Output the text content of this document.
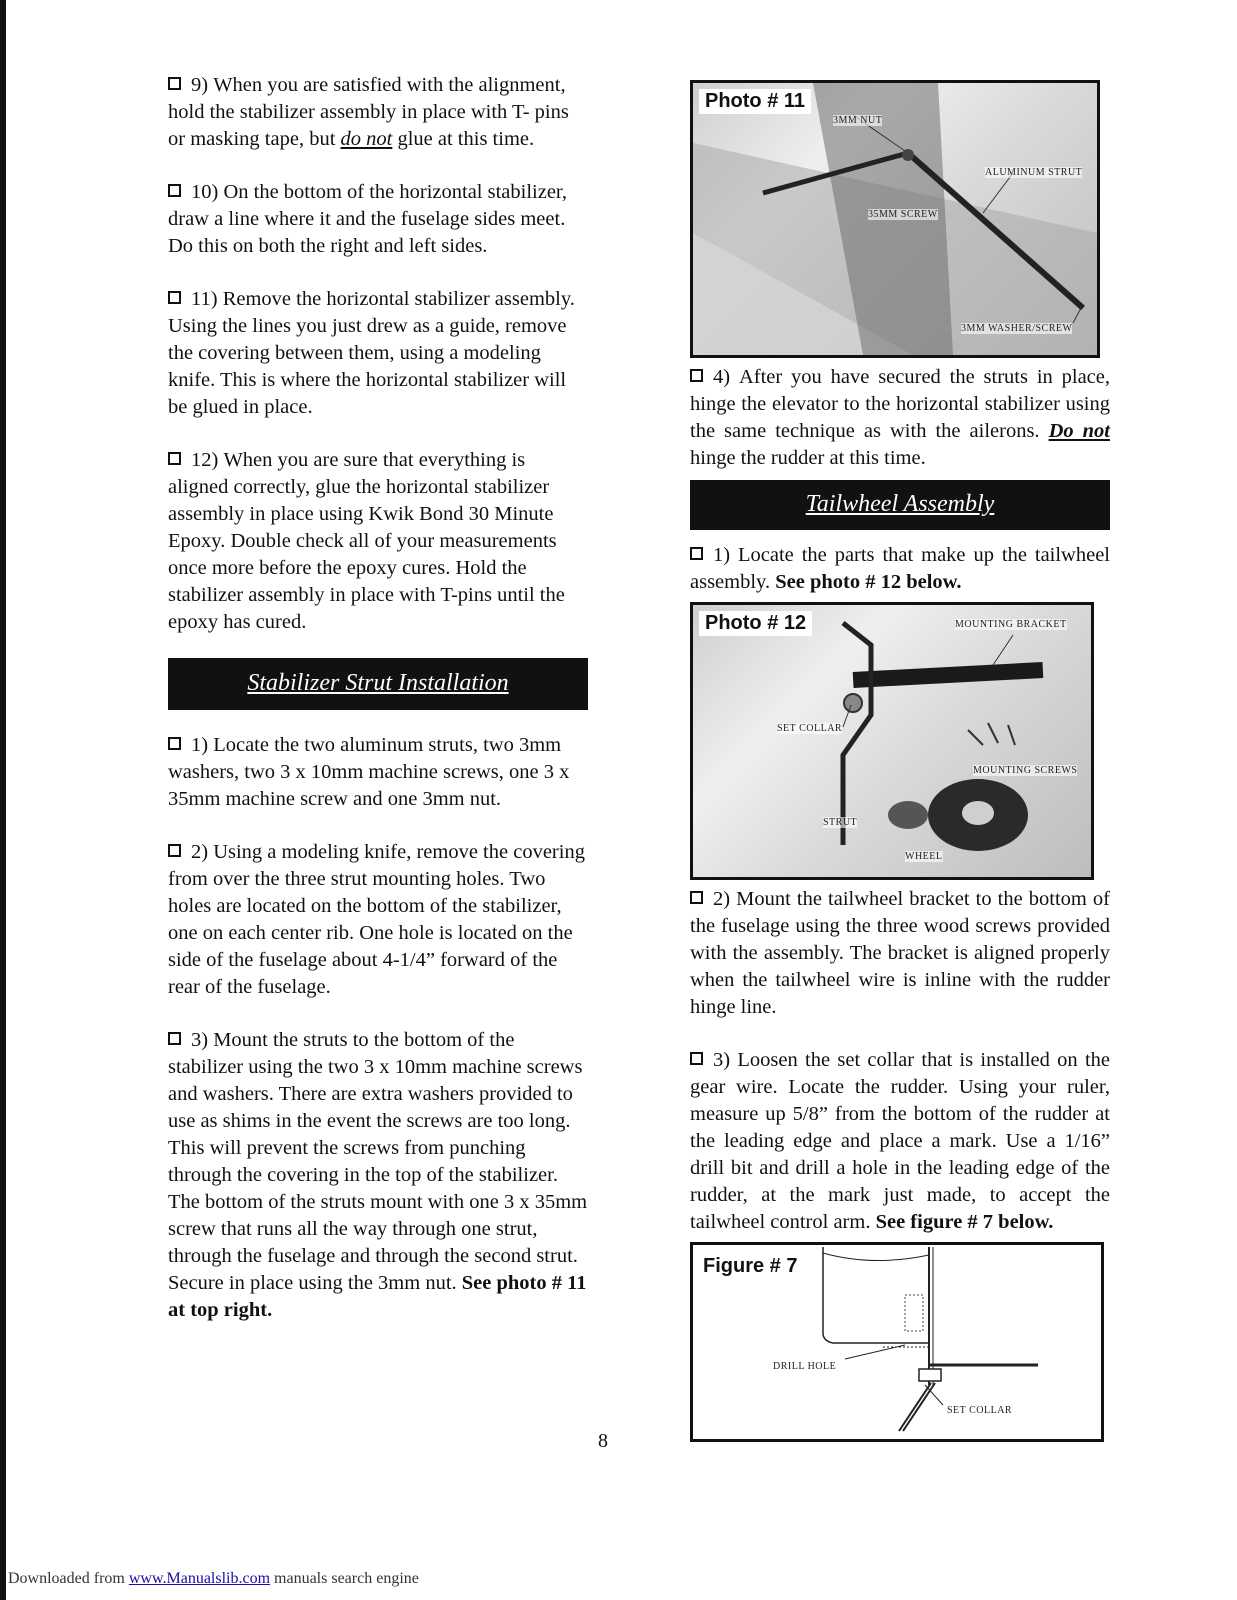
9) When you are satisfied with the alignment, hold the stabilizer assembly in place with T- pins or masking tape, but do not glue at this time.

10) On the bottom of the horizontal stabilizer, draw a line where it and the fuselage sides meet. Do this on both the right and left sides.

11) Remove the horizontal stabilizer assembly. Using the lines you just drew as a guide, remove the covering between them, using a modeling knife. This is where the horizontal stabilizer will be glued in place.

12) When you are sure that everything is aligned correctly, glue the horizontal stabilizer assembly in place using Kwik Bond 30 Minute Epoxy. Double check all of your measurements once more before the epoxy cures. Hold the stabilizer assembly in place with T-pins until the epoxy has cured.

Stabilizer Strut Installation

1) Locate the two aluminum struts, two 3mm washers, two 3 x 10mm machine screws, one 3 x 35mm machine screw and one 3mm nut.

2) Using a modeling knife, remove the covering from over the three strut mounting holes. Two holes are located on the bottom of the stabilizer, one on each center rib. One hole is located on the side of the fuselage about 4-1/4” forward of the rear of the fuselage.

3) Mount the struts to the bottom of the stabilizer using the two 3 x 10mm machine screws and washers. There are extra washers provided to use as shims in the event the screws are too long. This will prevent the screws from punching through the covering in the top of the stabilizer. The bottom of the struts mount with one 3 x 35mm screw that runs all the way through one strut, through the fuselage and through the second strut. Secure in place using the 3mm nut. See photo # 11 at top right.

Photo # 11
3MM NUT
ALUMINUM STRUT
35MM SCREW
3MM WASHER/SCREW

4) After you have secured the struts in place, hinge the elevator to the horizontal stabilizer using the same technique as with the ailerons. Do not hinge the rudder at this time.

Tailwheel Assembly

1) Locate the parts that make up the tailwheel assembly. See photo # 12 below.

Photo # 12	MOUNTING BRACKET
SET COLLAR
MOUNTING SCREWS
STRUT
WHEEL

2) Mount the tailwheel bracket to the bottom of the fuselage using the three wood screws provided with the assembly. The bracket is aligned properly when the tailwheel wire is inline with the rudder hinge line.

3) Loosen the set collar that is installed on the gear wire. Locate the rudder. Using your ruler, measure up 5/8” from the bottom of the rudder at the leading edge and place a mark. Use a 1/16” drill bit and drill a hole in the leading edge of the rudder, at the mark just made, to accept the tailwheel control arm. See figure # 7 below.

Figure # 7
DRILL HOLE
SET COLLAR
8
Downloaded from www.Manualslib.com manuals search engine
